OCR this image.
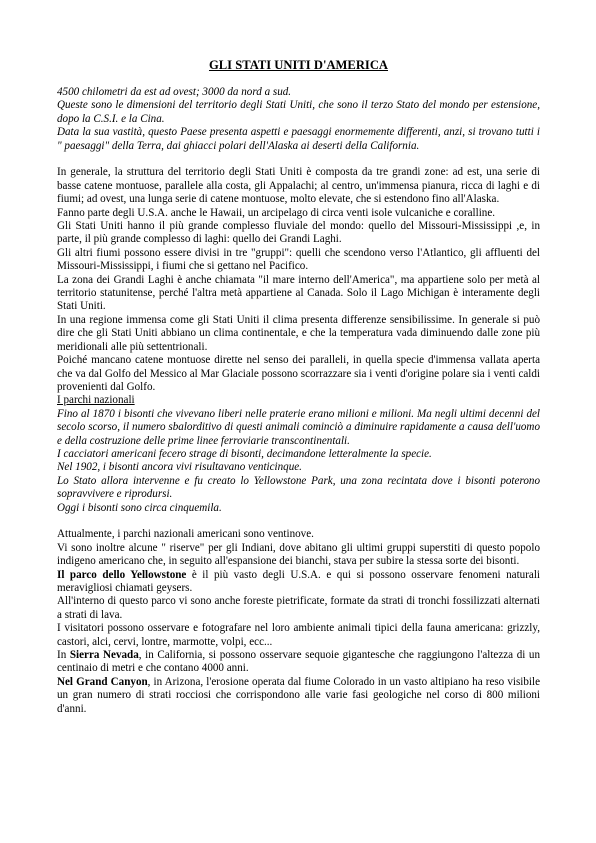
GLI STATI UNITI D'AMERICA

4500 chilometri da est ad ovest; 3000 da nord a sud.

Queste sono le dimensioni del territorio degli Stati Uniti, che sono il terzo Stato del mondo per estensione, dopo la C.S.I. e la Cina.

Data la sua vastità, questo Paese presenta aspetti e paesaggi enormemente differenti, anzi, si trovano tutti i " paesaggi" della Terra, dai ghiacci polari dell'Alaska ai deserti della California.

In generale, la struttura del territorio degli Stati Uniti è composta da tre grandi zone: ad est, una serie di basse catene montuose, parallele alla costa, gli Appalachi; al centro, un'immensa pianura, ricca di laghi e di fiumi; ad ovest, una lunga serie di catene montuose, molto elevate, che si estendono fino all'Alaska.

Fanno parte degli U.S.A. anche le Hawaii, un arcipelago di circa venti isole vulcaniche e coralline.

Gli Stati Uniti hanno il più grande complesso fluviale del mondo: quello del Missouri-Mississippi ,e, in parte, il più grande complesso di laghi: quello dei Grandi Laghi.

Gli altri fiumi possono essere divisi in tre "gruppi": quelli che scendono verso l'Atlantico, gli affluenti del Missouri-Mississippi, i fiumi che si gettano nel Pacifico.

La zona dei Grandi Laghi è anche chiamata "il mare interno dell'America", ma appartiene solo per metà al territorio statunitense, perché l'altra metà appartiene al Canada. Solo il Lago Michigan è interamente degli Stati Uniti.

In una regione immensa come gli Stati Uniti il clima presenta differenze sensibilissime. In generale si può dire che gli Stati Uniti abbiano un clima continentale, e che la temperatura vada diminuendo dalle zone più meridionali alle più settentrionali.

Poiché mancano catene montuose dirette nel senso dei paralleli, in quella specie d'immensa vallata aperta che va dal Golfo del Messico al Mar Glaciale possono scorrazzare sia i venti d'origine polare sia i venti caldi provenienti dal Golfo.

I parchi nazionali

Fino al 1870 i bisonti che vivevano liberi nelle praterie erano milioni e milioni. Ma negli ultimi decenni del secolo scorso, il numero sbalorditivo di questi animali cominciò a diminuire rapidamente a causa dell'uomo e della costruzione delle prime linee ferroviarie transcontinentali.

I cacciatori americani fecero strage di bisonti, decimandone letteralmente la specie.

Nel 1902, i bisonti ancora vivi risultavano venticinque.

Lo Stato allora intervenne e fu creato lo Yellowstone Park, una zona recintata dove i bisonti poterono sopravvivere e riprodursi.

Oggi i bisonti sono circa cinquemila.

Attualmente, i parchi nazionali americani sono ventinove.

Vi sono inoltre alcune " riserve" per gli Indiani, dove abitano gli ultimi gruppi superstiti di questo popolo indigeno americano che, in seguito all'espansione dei bianchi, stava per subire la stessa sorte dei bisonti.

Il parco dello Yellowstone è il più vasto degli U.S.A. e qui si possono osservare fenomeni naturali meravigliosi chiamati geysers.

All'interno di questo parco vi sono anche foreste pietrificate, formate da strati di tronchi fossilizzati alternati a strati di lava.

I visitatori possono osservare e fotografare nel loro ambiente animali tipici della fauna americana: grizzly, castori, alci, cervi, lontre, marmotte, volpi, ecc...

In Sierra Nevada, in California, si possono osservare sequoie gigantesche che raggiungono l'altezza di un centinaio di metri e che contano 4000 anni.

Nel Grand Canyon, in Arizona, l'erosione operata dal fiume Colorado in un vasto altipiano ha reso visibile un gran numero di strati rocciosi che corrispondono alle varie fasi geologiche nel corso di 800 milioni d'anni.
